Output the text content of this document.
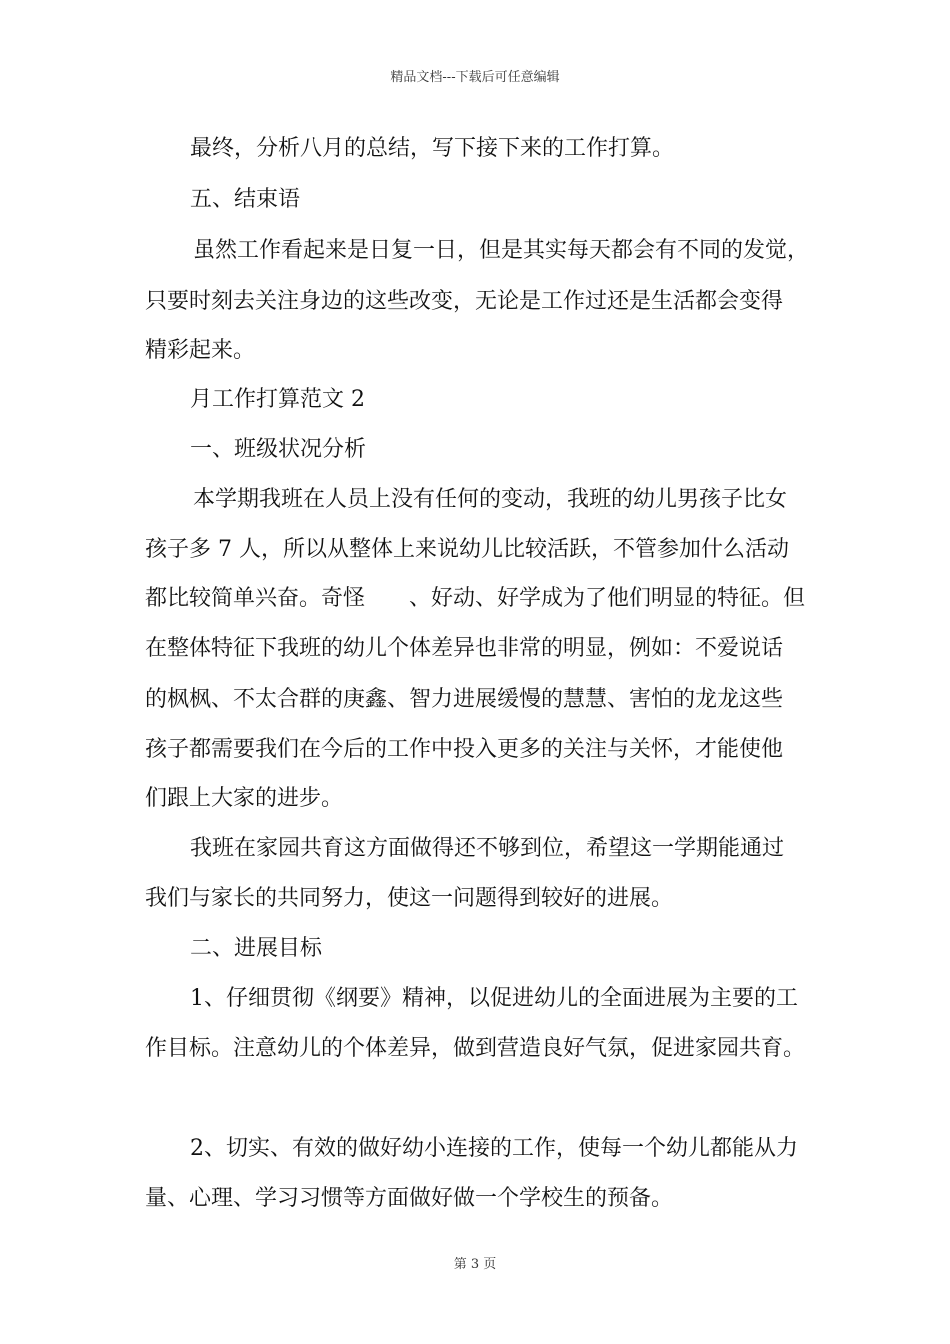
精品文档---下载后可任意编辑
最终，分析八月的总结，写下接下来的工作打算。
五、结束语
虽然工作看起来是日复一日，但是其实每天都会有不同的发觉，
只要时刻去关注身边的这些改变，无论是工作过还是生活都会变得
精彩起来。
月工作打算范文 2
一、班级状况分析
本学期我班在人员上没有任何的变动，我班的幼儿男孩子比女
孩子多 7 人，所以从整体上来说幼儿比较活跃，不管参加什么活动
都比较简单兴奋。奇怪　　、好动、好学成为了他们明显的特征。但
在整体特征下我班的幼儿个体差异也非常的明显，例如：不爱说话
的枫枫、不太合群的庚鑫、智力进展缓慢的慧慧、害怕的龙龙这些
孩子都需要我们在今后的工作中投入更多的关注与关怀，才能使他
们跟上大家的进步。
我班在家园共育这方面做得还不够到位，希望这一学期能通过
我们与家长的共同努力，使这一问题得到较好的进展。
二、进展目标
1、仔细贯彻《纲要》精神，以促进幼儿的全面进展为主要的工
作目标。注意幼儿的个体差异，做到营造良好气氛，促进家园共育。
2、切实、有效的做好幼小连接的工作，使每一个幼儿都能从力
量、心理、学习习惯等方面做好做一个学校生的预备。
第 3 页
